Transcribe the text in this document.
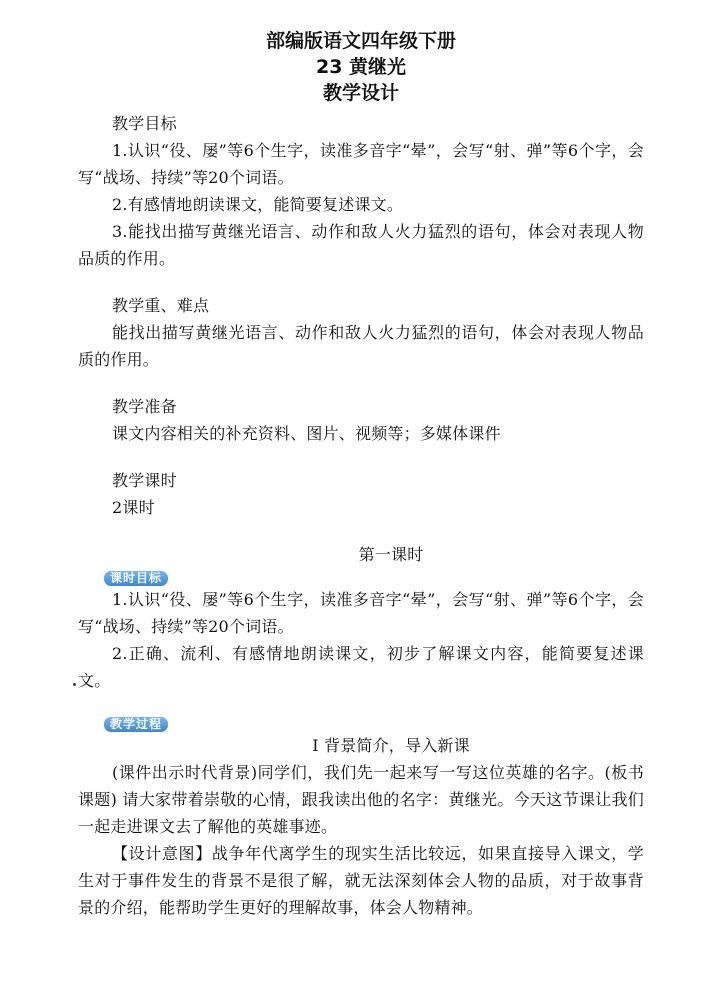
部编版语文四年级下册
23 黄继光
教学设计

教学目标

1.认识“役、屡”等6个生字，读准多音字“晕”，会写“射、弹”等6个字，会写“战场、持续”等20个词语。

2.有感情地朗读课文，能简要复述课文。

3.能找出描写黄继光语言、动作和敌人火力猛烈的语句，体会对表现人物品质的作用。

教学重、难点

能找出描写黄继光语言、动作和敌人火力猛烈的语句，体会对表现人物品质的作用。

教学准备

课文内容相关的补充资料、图片、视频等；多媒体课件

教学课时

2课时

第一课时

课时目标

1.认识“役、屡”等6个生字，读准多音字“晕”，会写“射、弹”等6个字，会写“战场、持续”等20个词语。

2.正确、流利、有感情地朗读课文，初步了解课文内容，能简要复述课文。

教学过程

Ⅰ 背景简介，导入新课

(课件出示时代背景)同学们，我们先一起来写一写这位英雄的名字。(板书课题) 请大家带着崇敬的心情，跟我读出他的名字：黄继光。今天这节课让我们一起走进课文去了解他的英雄事迹。

【设计意图】战争年代离学生的现实生活比较远，如果直接导入课文，学生对于事件发生的背景不是很了解，就无法深刻体会人物的品质，对于故事背景的介绍，能帮助学生更好的理解故事，体会人物精神。
